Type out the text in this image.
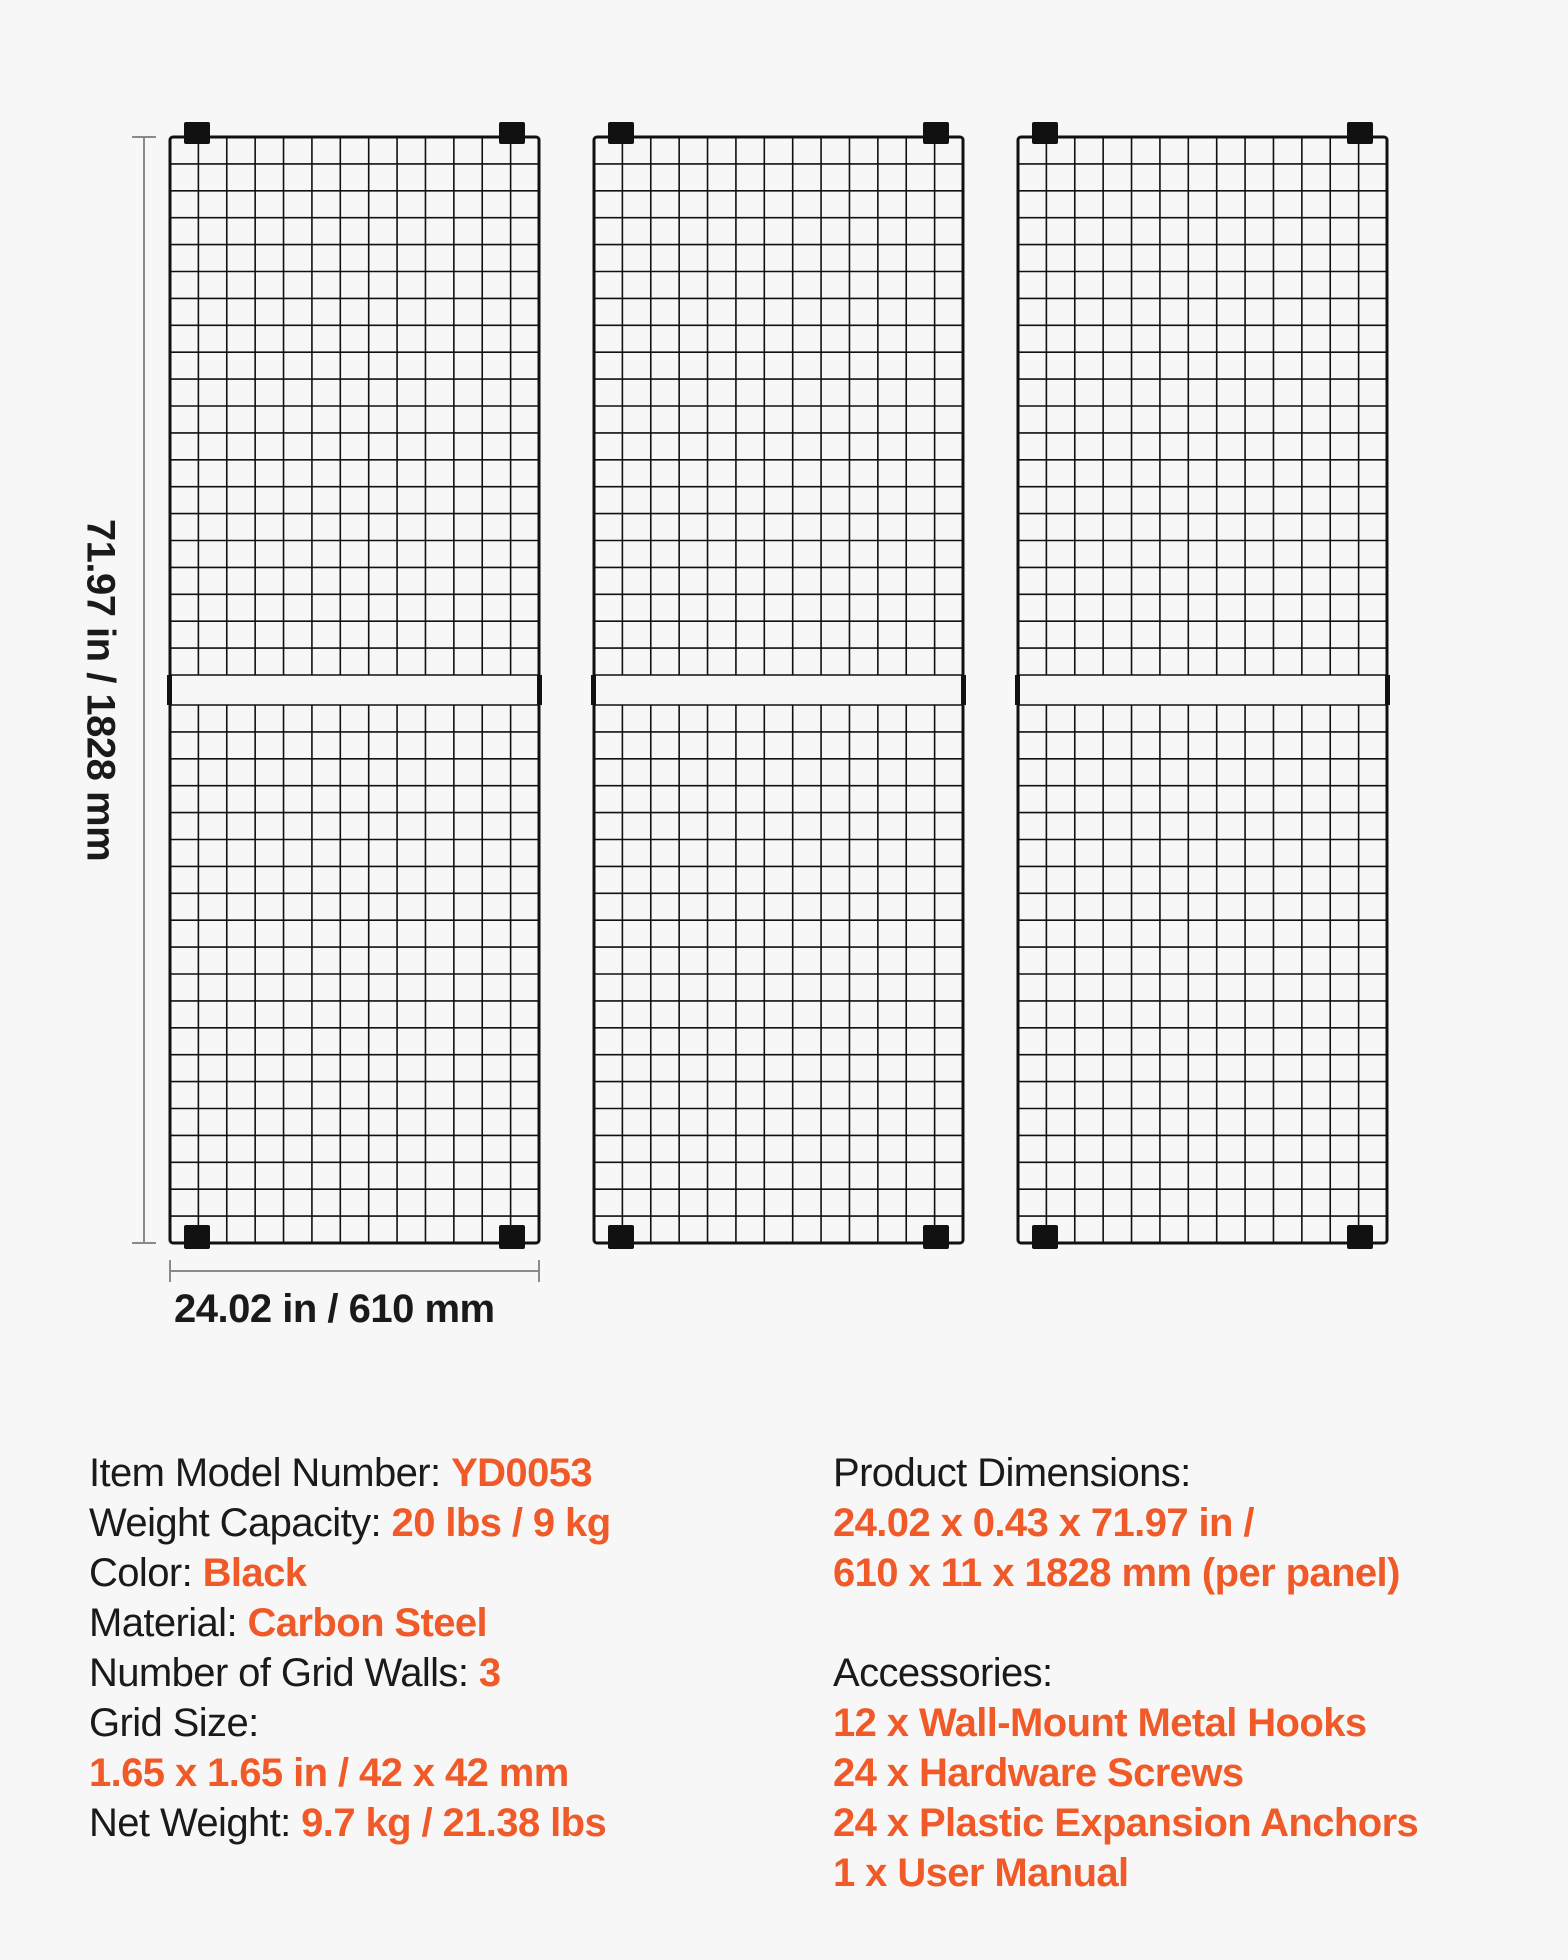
71.97 in / 1828 mm
24.02 in / 610 mm
Item Model Number: YD0053
Weight Capacity: 20 lbs / 9 kg
Color: Black
Material: Carbon Steel
Number of Grid Walls: 3
Grid Size:
1.65 x 1.65 in / 42 x 42 mm
Net Weight: 9.7 kg / 21.38 lbs
Product Dimensions:
24.02 x 0.43 x 71.97 in /
610 x 11 x 1828 mm (per panel)
Accessories:
12 x Wall-Mount Metal Hooks
24 x Hardware Screws
24 x Plastic Expansion Anchors
1 x User Manual
